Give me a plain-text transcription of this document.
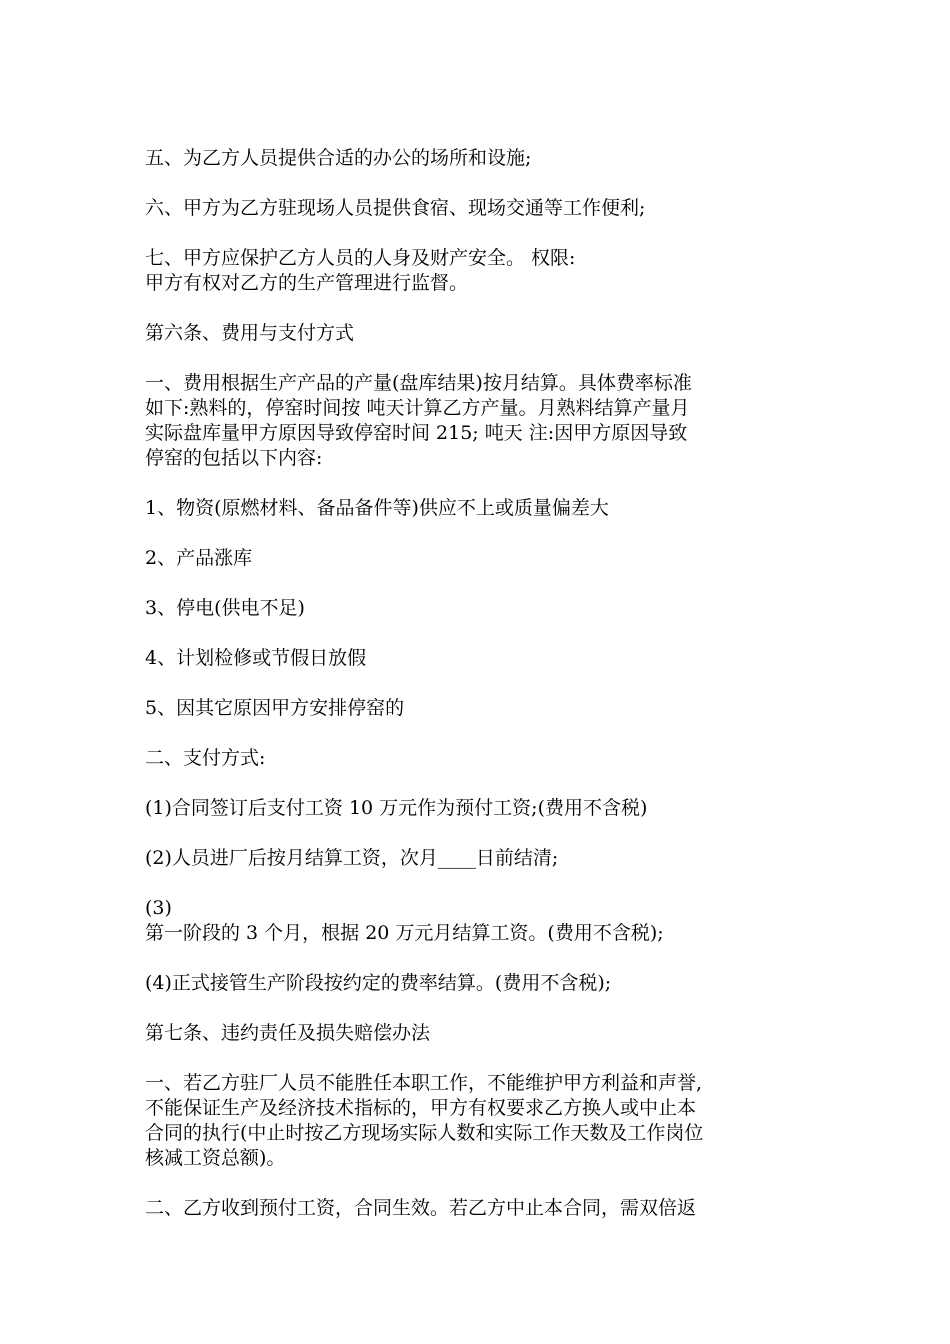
五、为乙方人员提供合适的办公的场所和设施;
六、甲方为乙方驻现场人员提供食宿、现场交通等工作便利;
七、甲方应保护乙方人员的人身及财产安全。 权限:
甲方有权对乙方的生产管理进行监督。
第六条、费用与支付方式
一、费用根据生产产品的产量(盘库结果)按月结算。具体费率标准
如下:熟料的，停窑时间按 吨天计算乙方产量。月熟料结算产量月
实际盘库量甲方原因导致停窑时间 215; 吨天 注:因甲方原因导致
停窑的包括以下内容:
1、物资(原燃材料、备品备件等)供应不上或质量偏差大
2、产品涨库
3、停电(供电不足)
4、计划检修或节假日放假
5、因其它原因甲方安排停窑的
二、支付方式:
(1)合同签订后支付工资 10 万元作为预付工资;(费用不含税)
(2)人员进厂后按月结算工资，次月____日前结清;
(3)
第一阶段的 3 个月，根据 20 万元月结算工资。(费用不含税);
(4)正式接管生产阶段按约定的费率结算。(费用不含税);
第七条、违约责任及损失赔偿办法
一、若乙方驻厂人员不能胜任本职工作，不能维护甲方利益和声誉,
不能保证生产及经济技术指标的，甲方有权要求乙方换人或中止本
合同的执行(中止时按乙方现场实际人数和实际工作天数及工作岗位
核减工资总额)。
二、乙方收到预付工资，合同生效。若乙方中止本合同，需双倍返
